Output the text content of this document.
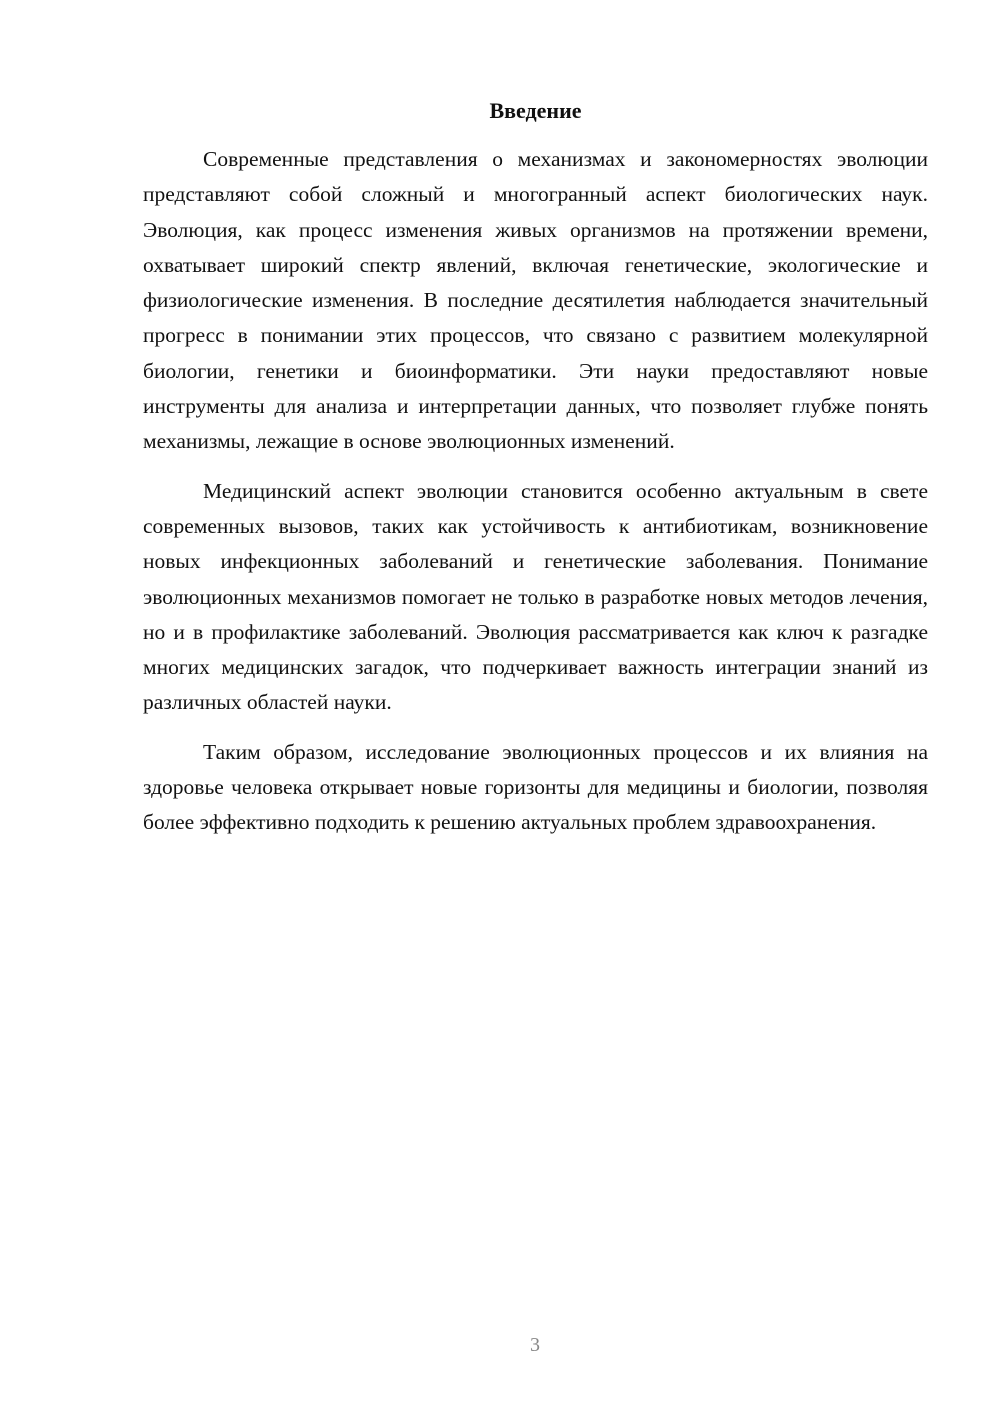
Введение

Современные представления о механизмах и закономерностях эволюции представляют собой сложный и многогранный аспект биологических наук. Эволюция, как процесс изменения живых организмов на протяжении времени, охватывает широкий спектр явлений, включая генетические, экологические и физиологические изменения. В последние десятилетия наблюдается значительный прогресс в понимании этих процессов, что связано с развитием молекулярной биологии, генетики и биоинформатики. Эти науки предоставляют новые инструменты для анализа и интерпретации данных, что позволяет глубже понять механизмы, лежащие в основе эволюционных изменений.

Медицинский аспект эволюции становится особенно актуальным в свете современных вызовов, таких как устойчивость к антибиотикам, возникновение новых инфекционных заболеваний и генетические заболевания. Понимание эволюционных механизмов помогает не только в разработке новых методов лечения, но и в профилактике заболеваний. Эволюция рассматривается как ключ к разгадке многих медицинских загадок, что подчеркивает важность интеграции знаний из различных областей науки.

Таким образом, исследование эволюционных процессов и их влияния на здоровье человека открывает новые горизонты для медицины и биологии, позволяя более эффективно подходить к решению актуальных проблем здравоохранения.

3
